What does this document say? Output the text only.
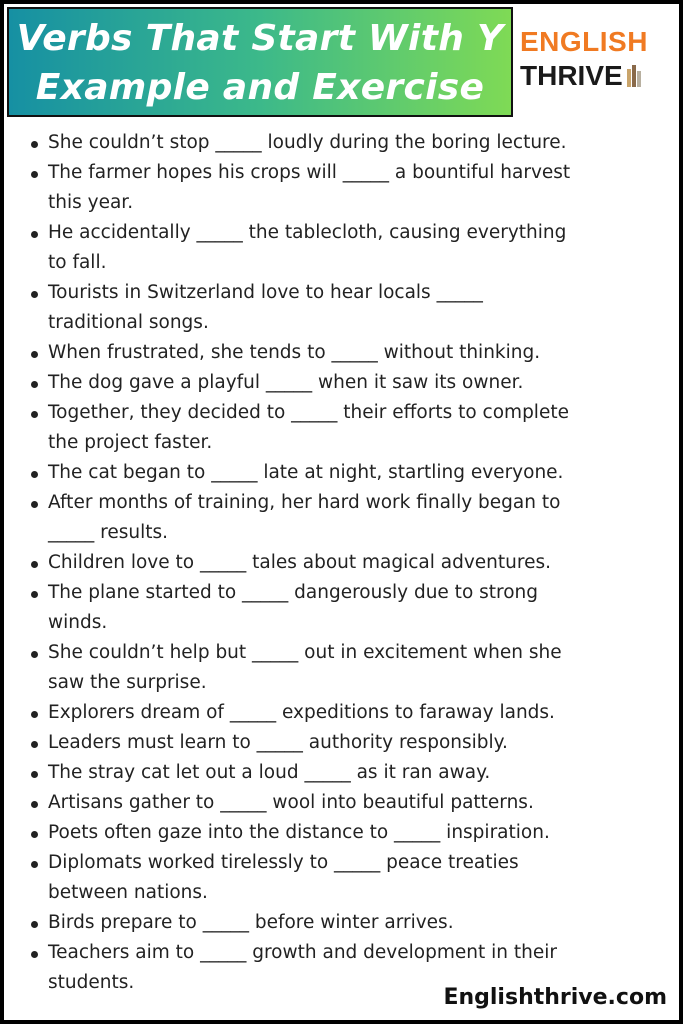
Verbs That Start With Y
Example and Exercise
ENGLISH
THRIVE
She couldn’t stop _____ loudly during the boring lecture.
The farmer hopes his crops will _____ a bountiful harvest
this year.
He accidentally _____ the tablecloth, causing everything
to fall.
Tourists in Switzerland love to hear locals _____
traditional songs.
When frustrated, she tends to _____ without thinking.
The dog gave a playful _____ when it saw its owner.
Together, they decided to _____ their efforts to complete
the project faster.
The cat began to _____ late at night, startling everyone.
After months of training, her hard work finally began to
_____ results.
Children love to _____ tales about magical adventures.
The plane started to _____ dangerously due to strong
winds.
She couldn’t help but _____ out in excitement when she
saw the surprise.
Explorers dream of _____ expeditions to faraway lands.
Leaders must learn to _____ authority responsibly.
The stray cat let out a loud _____ as it ran away.
Artisans gather to _____ wool into beautiful patterns.
Poets often gaze into the distance to _____ inspiration.
Diplomats worked tirelessly to _____ peace treaties
between nations.
Birds prepare to _____ before winter arrives.
Teachers aim to _____ growth and development in their
students.
Englishthrive.com
